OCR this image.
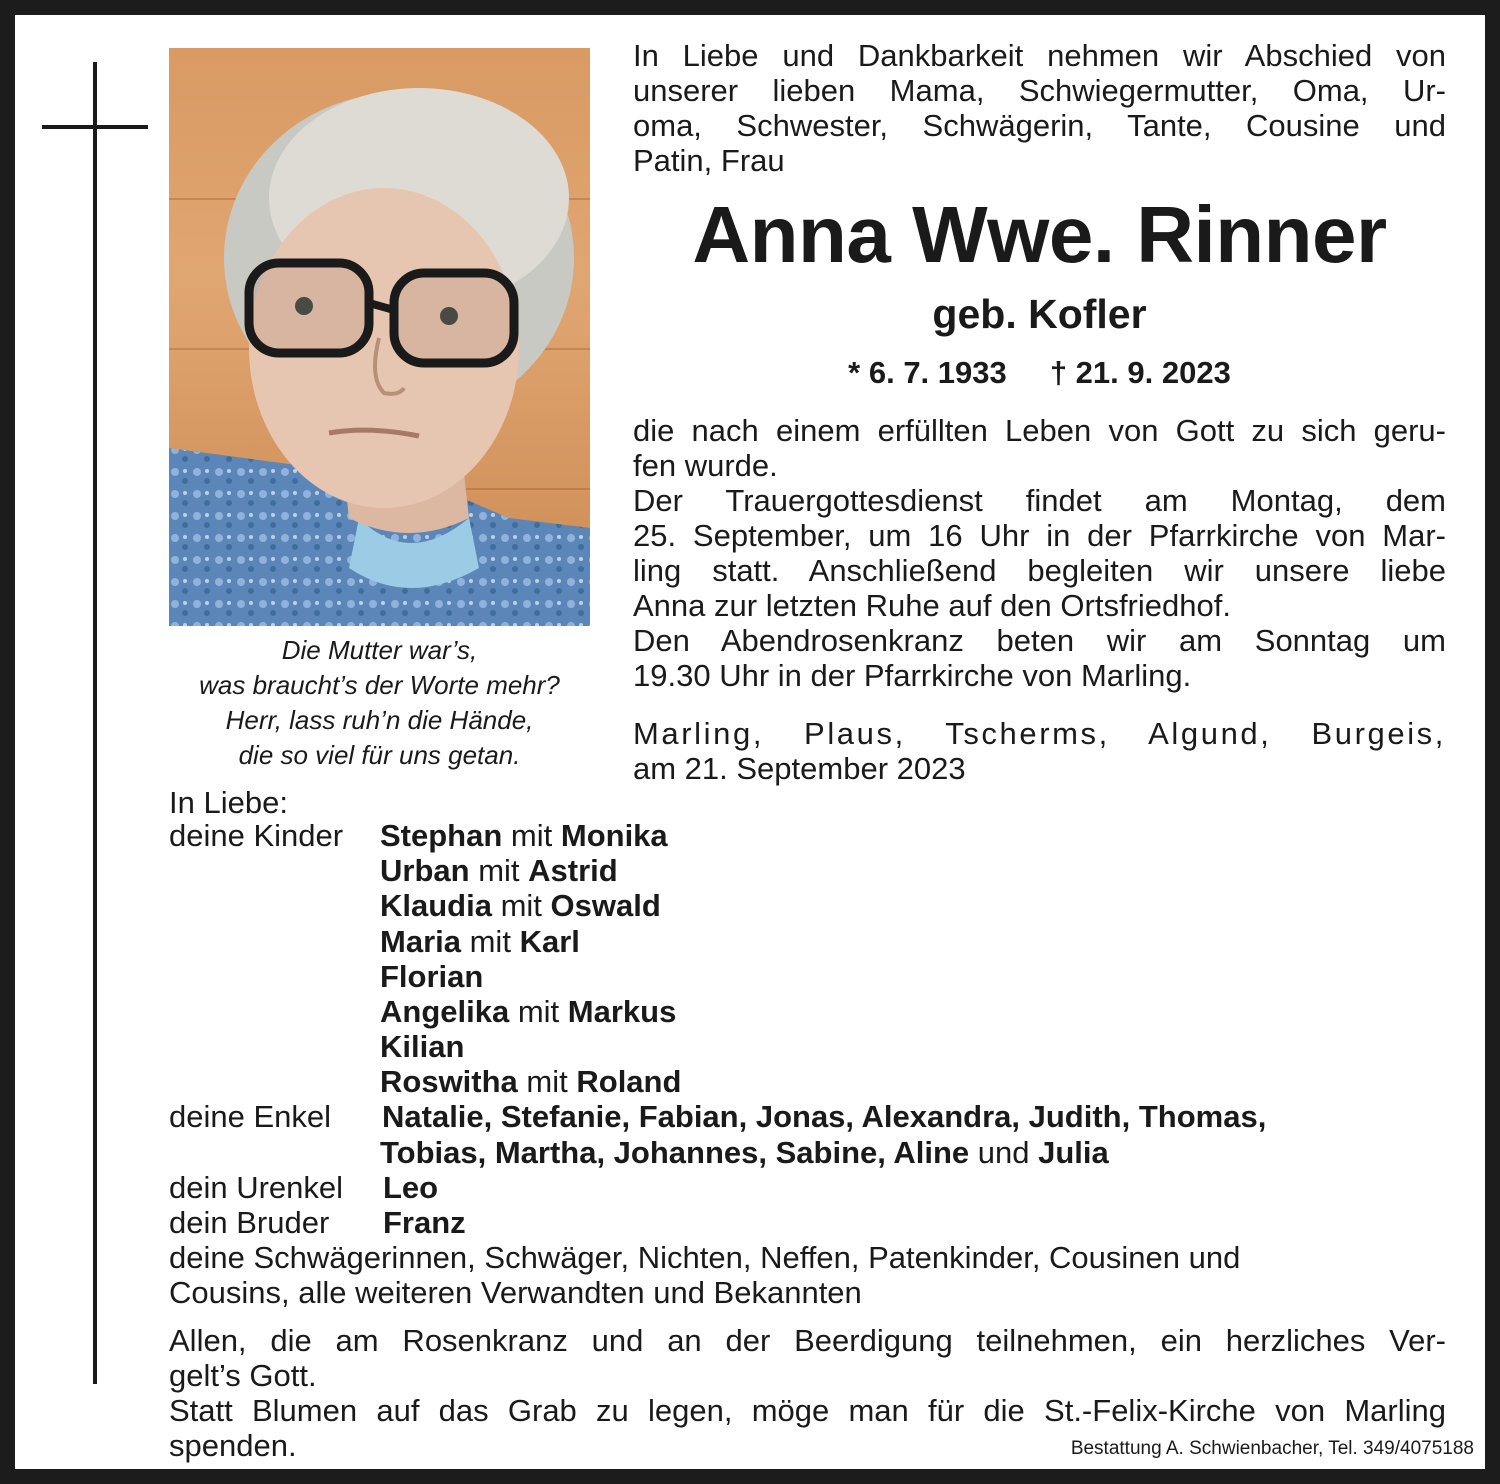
Die Mutter war’s,
was braucht’s der Worte mehr?
Herr, lass ruh’n die Hände,
die so viel für uns getan.
In Liebe und Dankbarkeit nehmen wir Abschied von
unserer lieben Mama, Schwiegermutter, Oma, Ur-
oma, Schwester, Schwägerin, Tante, Cousine und
Patin, Frau
Anna Wwe. Rinner
geb. Kofler
* 6. 7. 1933 † 21. 9. 2023
die nach einem erfüllten Leben von Gott zu sich geru-
fen wurde.
Der Trauergottesdienst findet am Montag, dem
25. September, um 16 Uhr in der Pfarrkirche von Mar-
ling statt. Anschließend begleiten wir unsere liebe
Anna zur letzten Ruhe auf den Ortsfriedhof.
Den Abendrosenkranz beten wir am Sonntag um
19.30 Uhr in der Pfarrkirche von Marling.
Marling, Plaus, Tscherms, Algund, Burgeis,
am 21. September 2023
In Liebe:
deine Kinder Stephan mit Monika
Urban mit Astrid
Klaudia mit Oswald
Maria mit Karl
Florian
Angelika mit Markus
Kilian
Roswitha mit Roland
deine Enkel Natalie, Stefanie, Fabian, Jonas, Alexandra, Judith, Thomas,
Tobias, Martha, Johannes, Sabine, Aline und Julia
dein Urenkel Leo
dein Bruder Franz
deine Schwägerinnen, Schwäger, Nichten, Neffen, Patenkinder, Cousinen und
Cousins, alle weiteren Verwandten und Bekannten
Allen, die am Rosenkranz und an der Beerdigung teilnehmen, ein herzliches Ver-
gelt’s Gott.
Statt Blumen auf das Grab zu legen, möge man für die St.-Felix-Kirche von Marling
spenden.	Bestattung A. Schwienbacher, Tel. 349/4075188
